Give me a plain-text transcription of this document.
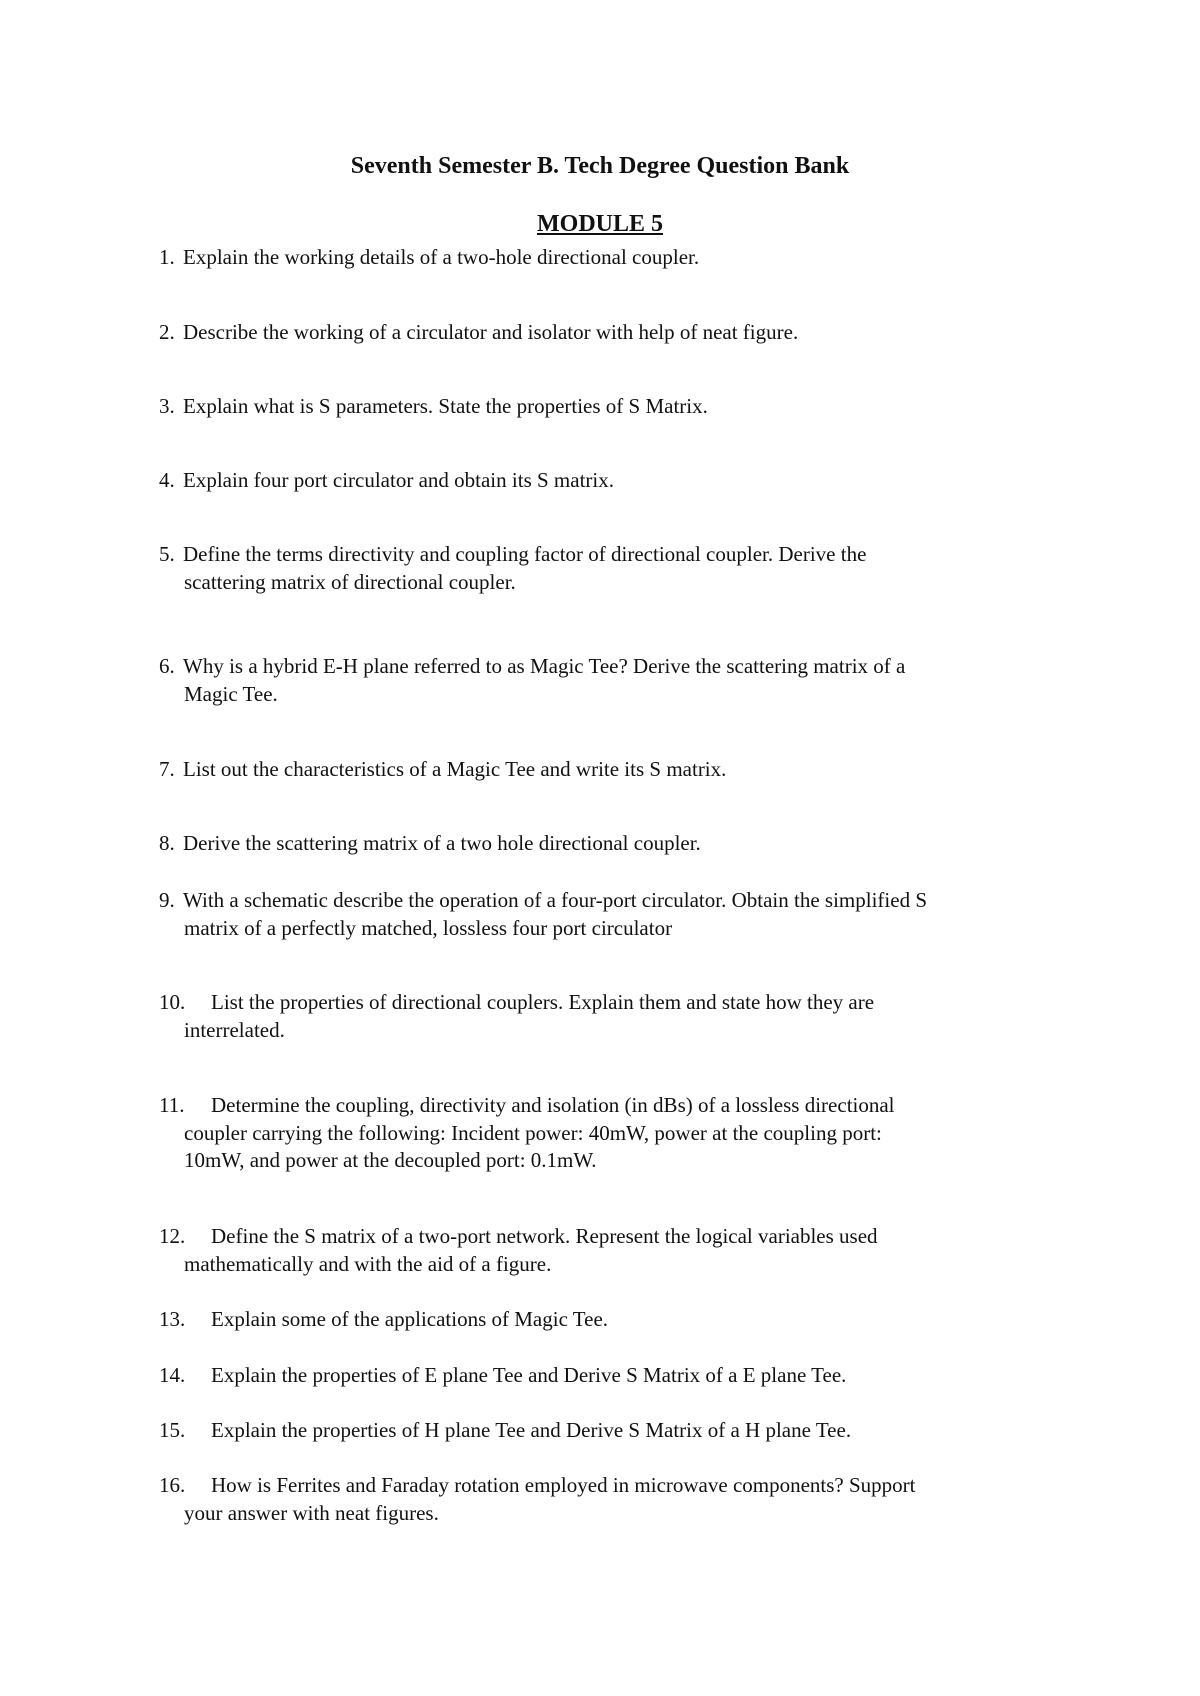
Seventh Semester B. Tech Degree Question Bank
MODULE 5
1. Explain the working details of a two-hole directional coupler.
2. Describe the working of a circulator and isolator with help of neat figure.
3. Explain what is S parameters. State the properties of S Matrix.
4. Explain four port circulator and obtain its S matrix.
5. Define the terms directivity and coupling factor of directional coupler. Derive the
scattering matrix of directional coupler.
6. Why is a hybrid E-H plane referred to as Magic Tee? Derive the scattering matrix of a
Magic Tee.
7. List out the characteristics of a Magic Tee and write its S matrix.
8. Derive the scattering matrix of a two hole directional coupler.
9. With a schematic describe the operation of a four-port circulator. Obtain the simplified S
matrix of a perfectly matched, lossless four port circulator
10. List the properties of directional couplers. Explain them and state how they are
interrelated.
11. Determine the coupling, directivity and isolation (in dBs) of a lossless directional
coupler carrying the following: Incident power: 40mW, power at the coupling port:
10mW, and power at the decoupled port: 0.1mW.
12. Define the S matrix of a two-port network. Represent the logical variables used
mathematically and with the aid of a figure.
13. Explain some of the applications of Magic Tee.
14. Explain the properties of E plane Tee and Derive S Matrix of a E plane Tee.
15. Explain the properties of H plane Tee and Derive S Matrix of a H plane Tee.
16. How is Ferrites and Faraday rotation employed in microwave components? Support
your answer with neat figures.
